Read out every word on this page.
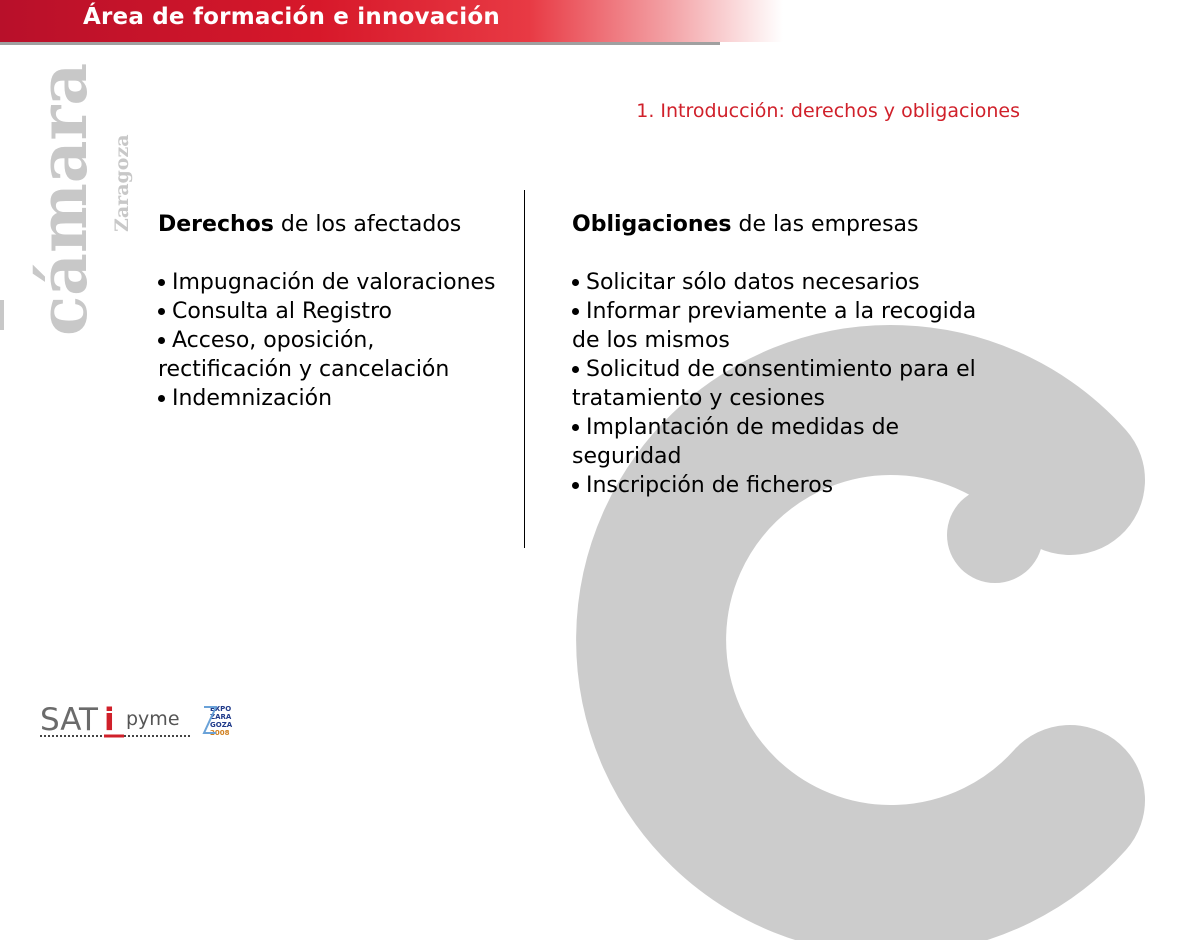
Área de formación e innovación
1. Introducción: derechos y obligaciones
cámara Zaragoza Derechos de los afectados
Impugnación de valoraciones
Consulta al Registro
Acceso, oposición, rectificación y cancelación
Indemnización
Obligaciones de las empresas
Solicitar sólo datos necesarios
Informar previamente a la recogida de los mismos
Solicitud de consentimiento para el tratamiento y cesiones
Implantación de medidas de seguridad
Inscripción de ficheros
SAT i pyme	EXPO
ZARA
GOZA
2008
